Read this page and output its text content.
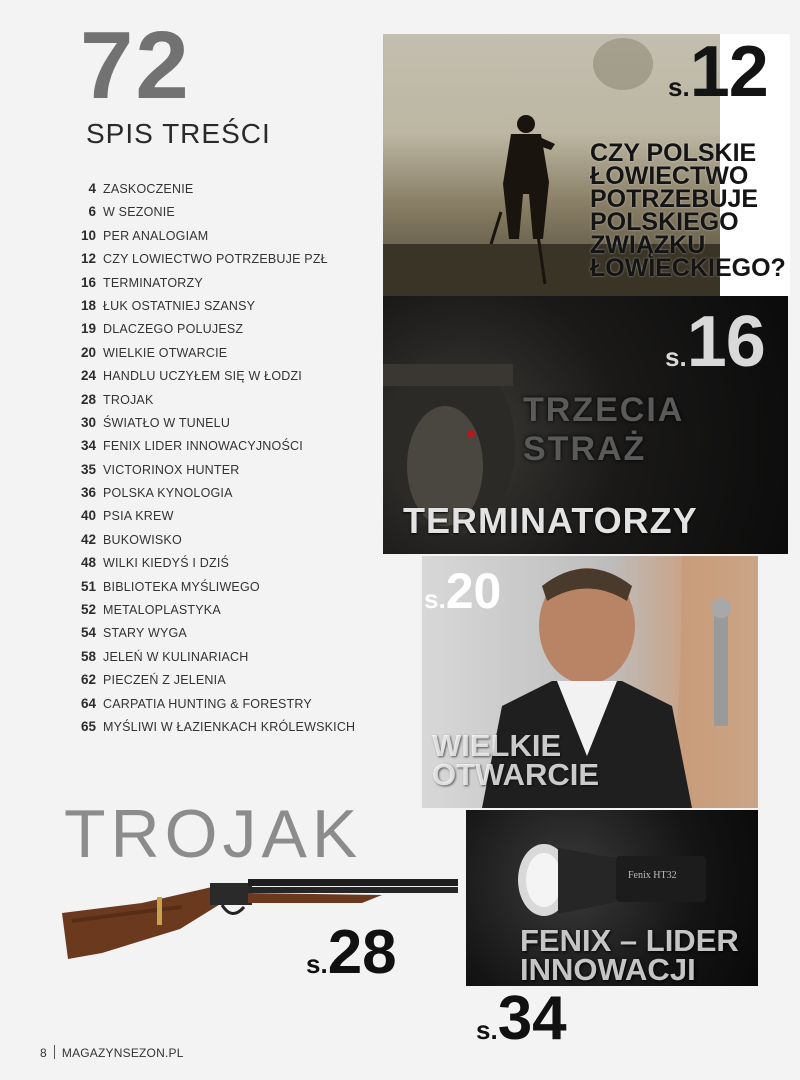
72
SPIS TREŚCI
4 ZASKOCZENIE
6 W SEZONIE
10 PER ANALOGIAM
12 CZY LOWIECTWO POTRZEBUJE PZŁ
16 TERMINATORZY
18 ŁUK OSTATNIEJ SZANSY
19 DLACZEGO POLUJESZ
20 WIELKIE OTWARCIE
24 HANDLU UCZYŁEM SIĘ W ŁODZI
28 TROJAK
30 ŚWIATŁO W TUNELU
34 FENIX LIDER INNOWACYJNOŚCI
35 VICTORINOX HUNTER
36 POLSKA KYNOLOGIA
40 PSIA KREW
42 BUKOWISKO
48 WILKI KIEDYŚ I DZIŚ
51 BIBLIOTEKA MYŚLIWEGO
52 METALOPLASTYKA
54 STARY WYGA
58 JELEŃ W KULINARIACH
62 PIECZEŃ Z JELENIA
64 CARPATIA HUNTING & FORESTRY
65 MYŚLIWI W ŁAZIENKACH KRÓLEWSKICH
s.12
CZY POLSKIE
ŁOWIECTWO
POTRZEBUJE
POLSKIEGO
ZWIĄZKU
ŁOWIECKIEGO?
TRZECIA STRAŻ
s.16
TERMINATORZY
s.20
WIELKIE
OTWARCIE
TROJAK
s.28
Fenix HT32
FENIX – LIDER
INNOWACJI
s.34
8 MAGAZYNSEZON.PL
